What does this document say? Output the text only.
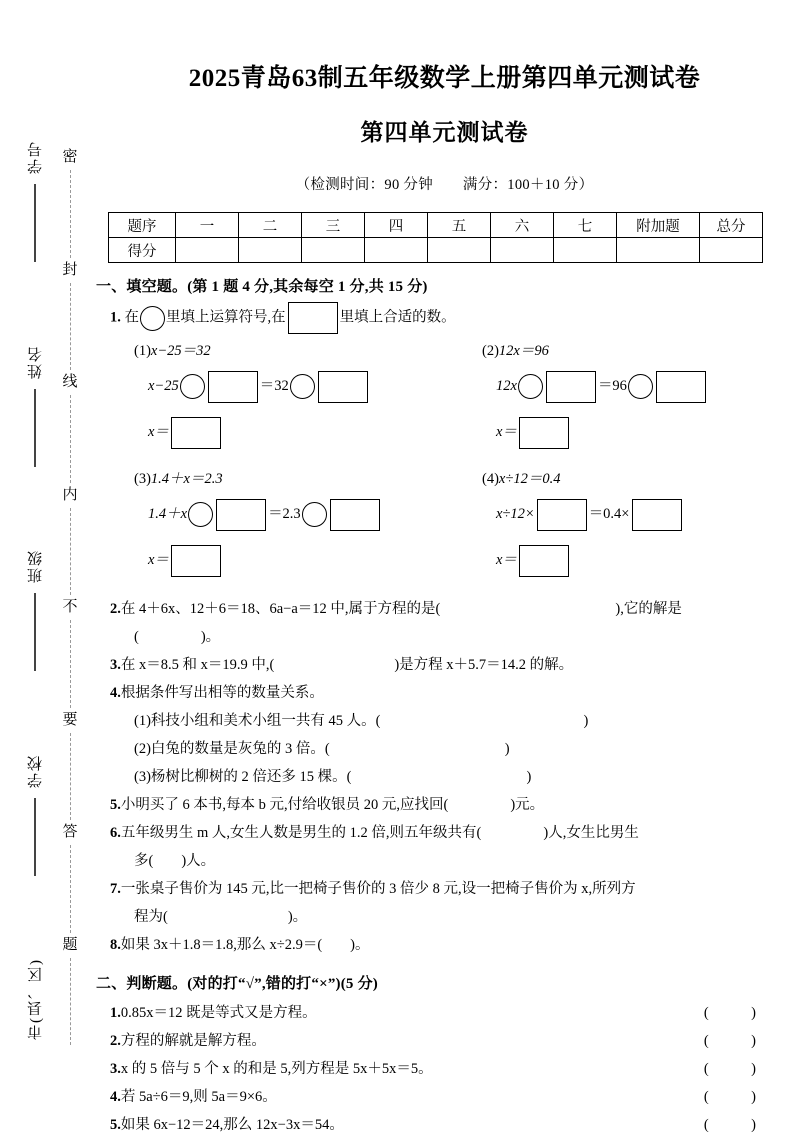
学号
姓名
班级
学校
市(县、区)
密
封
线
内
不
要
答
题
2025青岛63制五年级数学上册第四单元测试卷
第四单元测试卷
（检测时间：90 分钟 满分：100＋10 分）
题序	一	二	三	四	五	六	七	附加题	总分
得分									
一、填空题。(第 1 题 4 分,其余每空 1 分,共 15 分)
1. 在 里填上运算符号,在	里填上合适的数。
(1)x−25＝32
x−25	＝32
x＝
(2)12x＝96
12x	＝96
x＝
(3)1.4＋x＝2.3
1.4＋x	＝2.3
x＝
(4)x÷12＝0.4
x÷12×	＝0.4×
x＝
2.在 4＋6x、12＋6＝18、6a−a＝12 中,属于方程的是(	),它的解是
(	)。
3.在 x＝8.5 和 x＝19.9 中,(	)是方程 x＋5.7＝14.2 的解。
4.根据条件写出相等的数量关系。
(1)科技小组和美术小组一共有 45 人。(	)
(2)白兔的数量是灰兔的 3 倍。(	)
(3)杨树比柳树的 2 倍还多 15 棵。(	)
5.小明买了 6 本书,每本 b 元,付给收银员 20 元,应找回(	)元。
6.五年级男生 m 人,女生人数是男生的 1.2 倍,则五年级共有(	)人,女生比男生
多( )人。
7.一张桌子售价为 145 元,比一把椅子售价的 3 倍少 8 元,设一把椅子售价为 x,所列方
程为(	)。
8.如果 3x＋1.8＝1.8,那么 x÷2.9＝( )。
二、判断题。(对的打“√”,错的打“×”)(5 分)
1.0.85x＝12 既是等式又是方程。	(　)
2.方程的解就是解方程。	(　)
3.x 的 5 倍与 5 个 x 的和是 5,列方程是 5x＋5x＝5。	(　)
4.若 5a÷6＝9,则 5a＝9×6。	(　)
5.如果 6x−12＝24,那么 12x−3x＝54。	(　)
